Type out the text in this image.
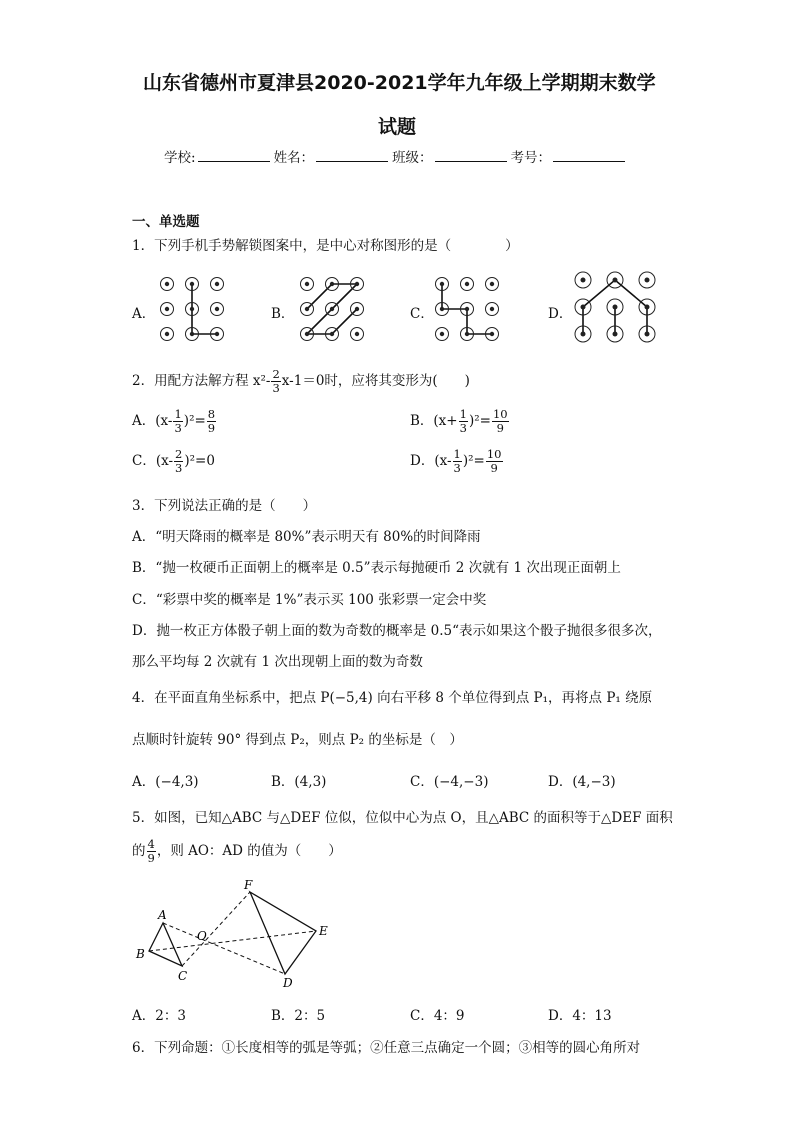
山东省德州市夏津县2020-2021学年九年级上学期期末数学
试题
学校:	姓名：	班级：	考号：
一、单选题
1．下列手机手势解锁图案中，是中心对称图形的是（　　　　）
A．	B．	C．	D．
2．用配方法解方程 $x^2- \frac{2}{3} x-1=0$时，应将其变形为(　　)
A．$(x- \frac{1}{3} )^2= \frac{8}{9}$	B．$(x+ \frac{1}{3} )^2= \frac{10}{9}$
C．$(x- \frac{2}{3} )^2=0$	D．$(x- \frac{1}{3} )^2= \frac{10}{9}$
3．下列说法正确的是（　　）
A．“明天降雨的概率是 80%”表示明天有 80%的时间降雨
B．“抛一枚硬币正面朝上的概率是 0.5”表示每抛硬币 2 次就有 1 次出现正面朝上
C．“彩票中奖的概率是 1%”表示买 100 张彩票一定会中奖
D．抛一枚正方体骰子朝上面的数为奇数的概率是 0.5“表示如果这个骰子抛很多很多次，
那么平均每 2 次就有 1 次出现朝上面的数为奇数
4．在平面直角坐标系中，把点 P(−5,4) 向右平移 8 个单位得到点 P₁，再将点 P₁ 绕原
点顺时针旋转 90° 得到点 P₂，则点 P₂ 的坐标是（　）
A．(−4,3)	B．(4,3)	C．(−4,−3)	D．(4,−3)
5．如图，已知△ABC 与△DEF 位似，位似中心为点 O，且△ABC 的面积等于△DEF 面积
的 $\frac{4}{9}$ ，则 AO：AD 的值为（　　）
A
B
C
O
F
E
D
A．2：3	B．2：5	C．4：9	D．4：13
6．下列命题：①长度相等的弧是等弧；②任意三点确定一个圆；③相等的圆心角所对
